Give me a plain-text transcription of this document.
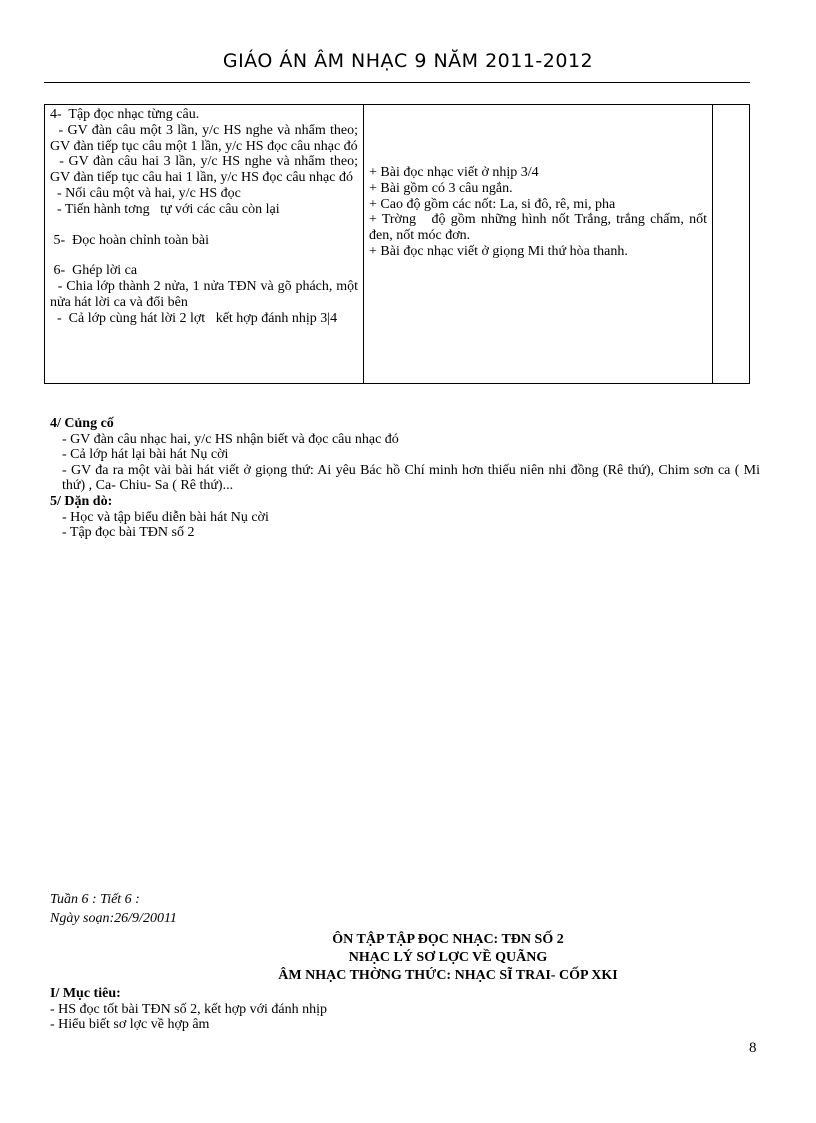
GIÁO ÁN ÂM NHẠC 9 NĂM 2011-2012
4-  Tập đọc nhạc từng câu.
- GV đàn câu một 3 lần, y/c HS nghe và nhẩm theo; GV đàn tiếp tục câu một 1 lần, y/c HS đọc câu nhạc đó
- GV đàn câu hai 3 lần, y/c HS nghe và nhẩm theo; GV đàn tiếp tục câu hai 1 lần, y/c HS đọc câu nhạc đó
- Nối câu một và hai, y/c HS đọc
- Tiến hành tơng   tự với các câu còn lại
5-  Đọc hoàn chỉnh toàn bài
6-  Ghép lời ca
- Chia lớp thành 2 nửa, 1 nửa TĐN và gõ phách, một nửa hát lời ca và đổi bên
-  Cả lớp cùng hát lời 2 lợt   kết hợp đánh nhịp 3|4

+ Bài đọc nhạc viết ở nhịp 3/4
+ Bài gồm có 3 câu ngắn.
+ Cao độ gồm các nốt: La, si đô, rê, mi, pha
+ Trờng   độ gồm những hình nốt Trắng, trắng chấm, nốt đen, nốt móc đơn.
+ Bài đọc nhạc viết ở giọng Mi thứ hòa thanh.

4/ Củng cố
- GV đàn câu nhạc hai, y/c HS nhận biết và đọc câu nhạc đó
- Cả lớp hát lại bài hát Nụ cời
- GV đa ra một vài bài hát viết ở giọng thứ: Ai yêu Bác hồ Chí minh hơn thiếu niên nhi đồng (Rê thứ), Chim sơn ca ( Mi thứ) , Ca- Chiu- Sa ( Rê thứ)...
5/ Dặn dò:
- Học và tập biểu diễn bài hát Nụ cời
- Tập đọc bài TĐN số 2
Tuần 6 : Tiết 6 :
Ngày soạn:26/9/20011
ÔN TẬP TẬP ĐỌC NHẠC: TĐN SỐ 2
NHẠC LÝ SƠ LỢC VỀ QUÃNG
ÂM NHẠC THỜNG THỨC: NHẠC SĨ TRAI- CỐP XKI
I/ Mục tiêu:
- HS đọc tốt bài TĐN số 2, kết hợp với đánh nhịp
- Hiểu biết sơ lợc về hợp âm
8
